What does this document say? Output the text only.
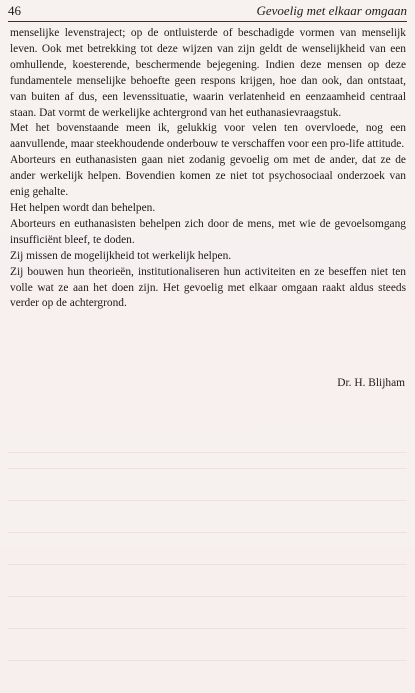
46	Gevoelig met elkaar omgaan

menselijke levenstraject; op de ontluisterde of beschadigde vormen van menselijk leven. Ook met betrekking tot deze wijzen van zijn geldt de wenselijkheid van een omhullende, koesterende, beschermende bejegening. Indien deze mensen op deze fundamentele menselijke behoefte geen respons krijgen, hoe dan ook, dan ontstaat, van buiten af dus, een levenssituatie, waarin verlatenheid en eenzaamheid centraal staan. Dat vormt de werkelijke achtergrond van het euthanasievraagstuk.

Met het bovenstaande meen ik, gelukkig voor velen ten overvloede, nog een aanvullende, maar steekhoudende onderbouw te verschaffen voor een pro-life attitude.

Aborteurs en euthanasisten gaan niet zodanig gevoelig om met de ander, dat ze de ander werkelijk helpen. Bovendien komen ze niet tot psychosociaal onderzoek van enig gehalte.

Het helpen wordt dan behelpen.

Aborteurs en euthanasisten behelpen zich door de mens, met wie de gevoelsomgang insufficiënt bleef, te doden.

Zij missen de mogelijkheid tot werkelijk helpen.

Zij bouwen hun theorieën, institutionaliseren hun activiteiten en ze beseffen niet ten volle wat ze aan het doen zijn. Het gevoelig met elkaar omgaan raakt aldus steeds verder op de achtergrond.

Dr. H. Blijham
